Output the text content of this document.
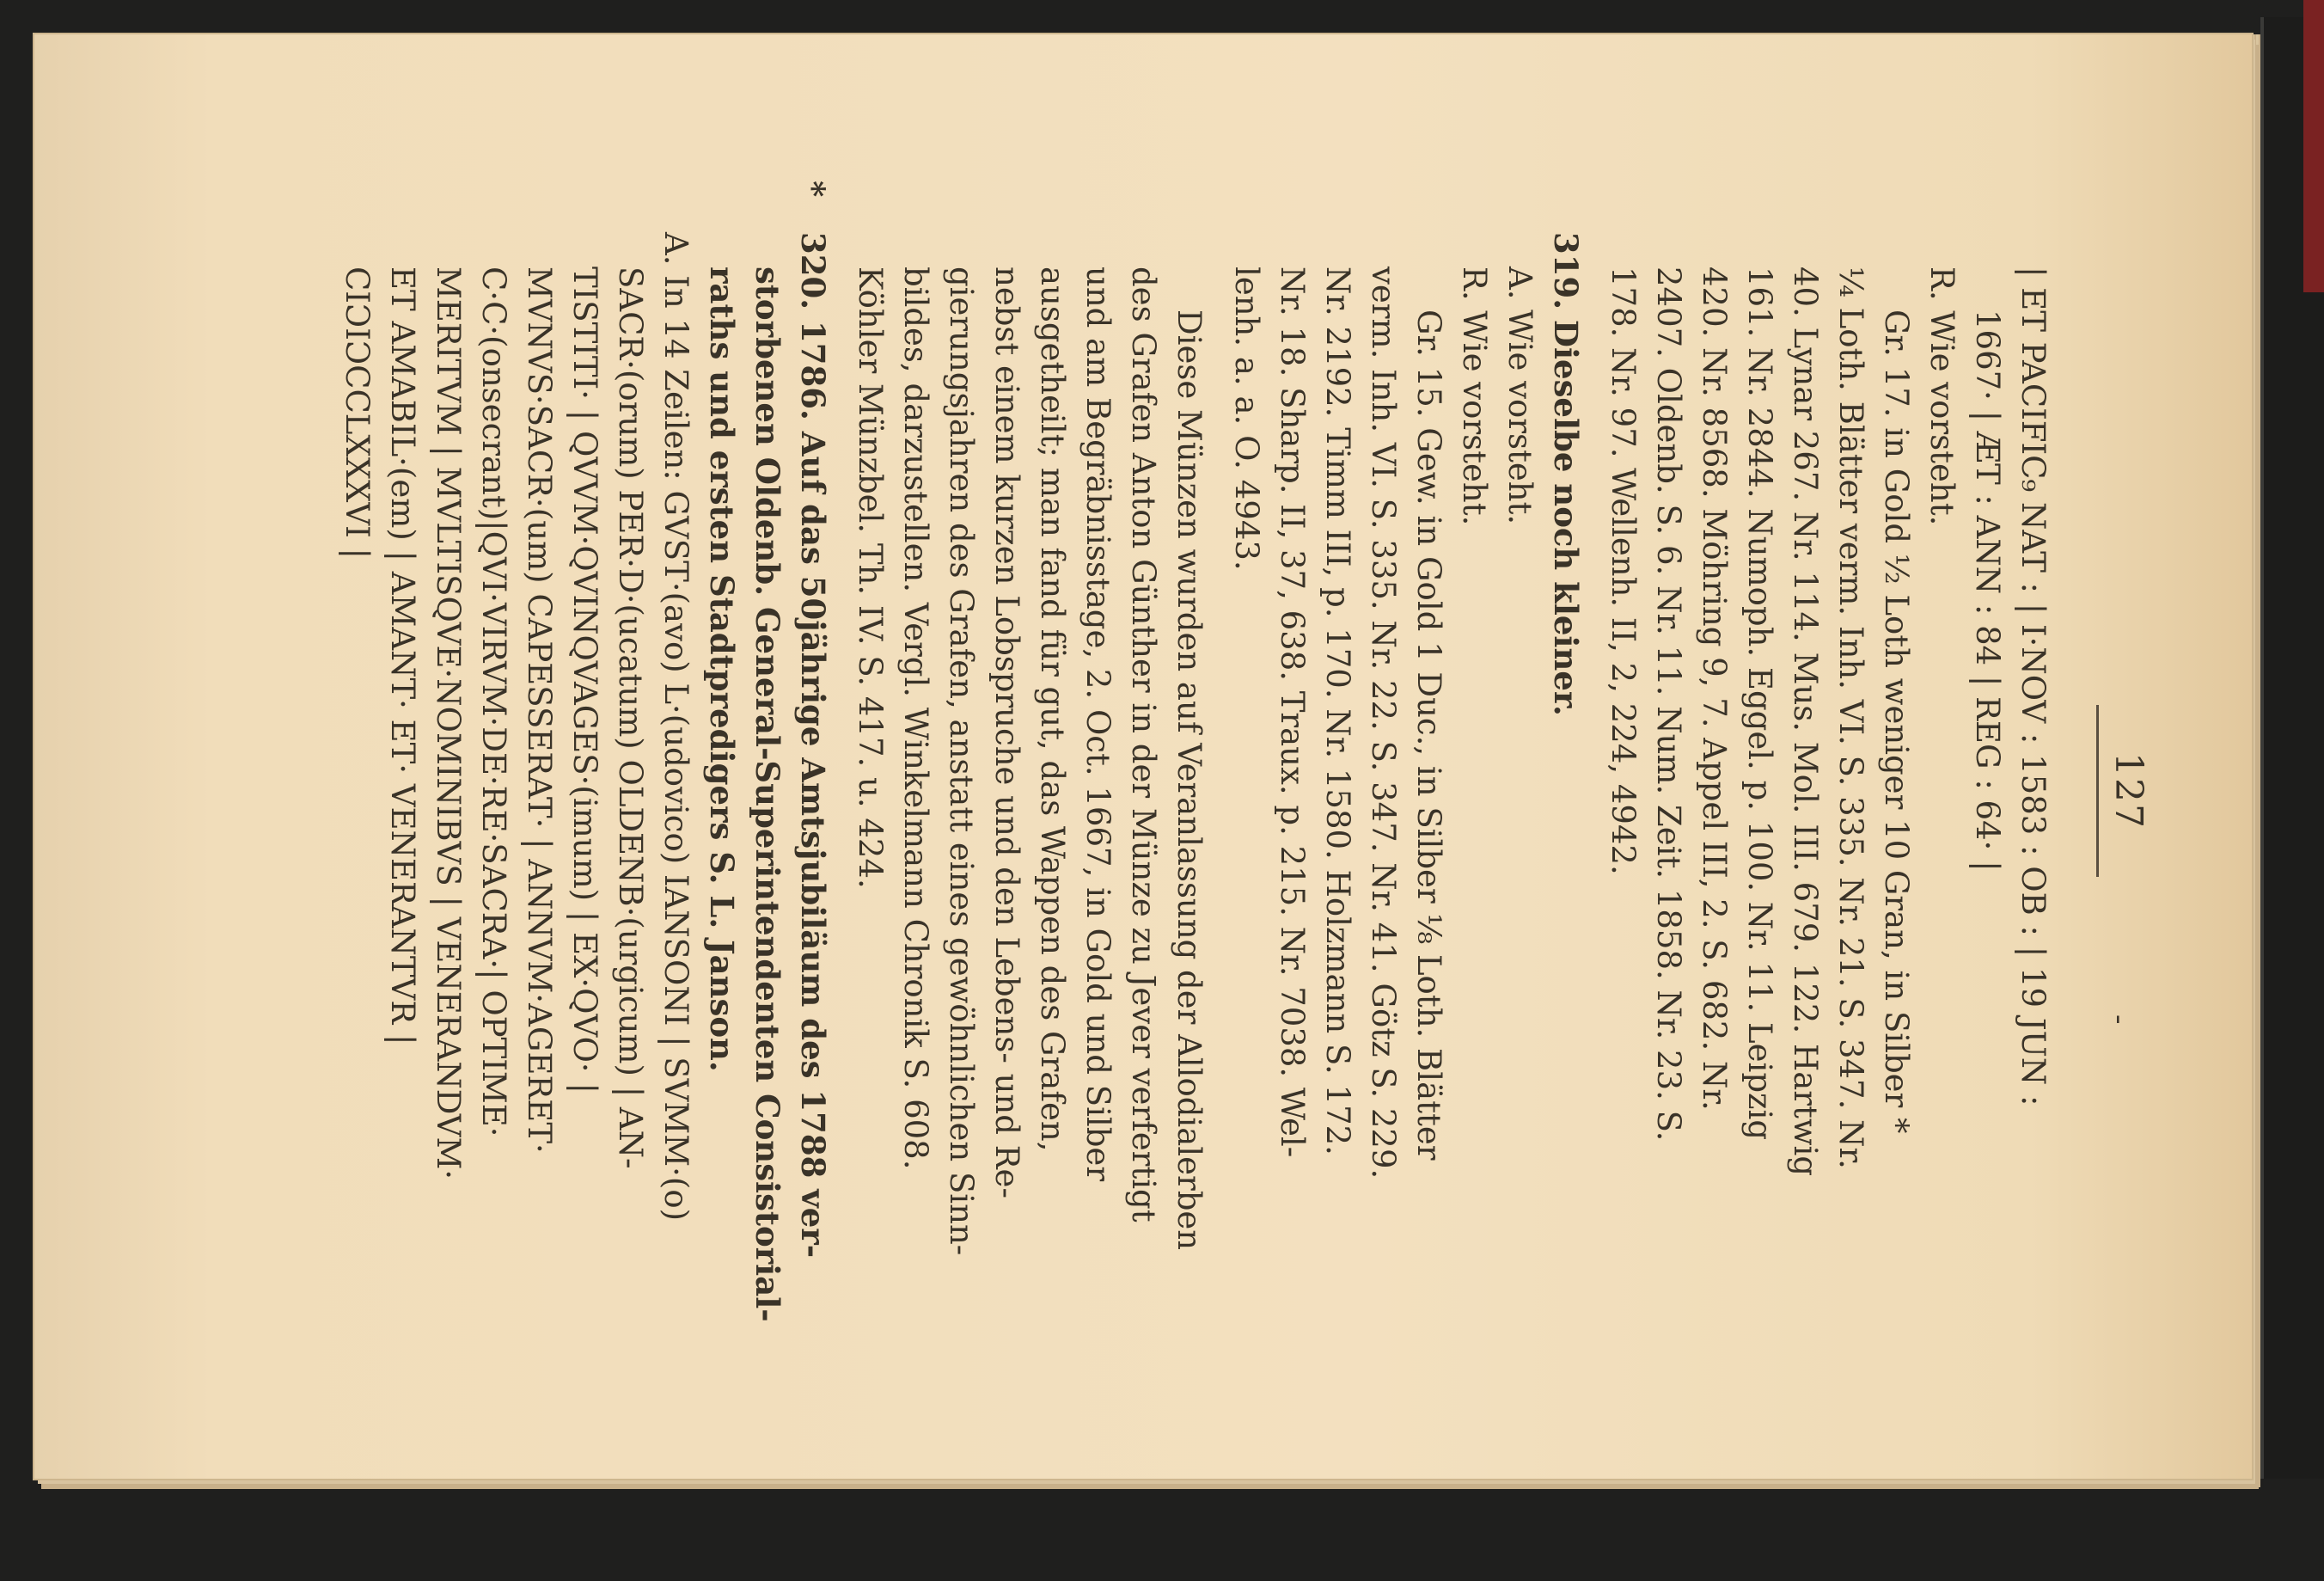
127
-

| ET PACIFIC₉ NAT : | I·NOV : 1583 : OB : | 19 JUN :

1667· | ÆT : ANN : 84 | REG : 64· |

R. Wie vorsteht.

Gr. 17. in Gold ½ Loth weniger 10 Gran, in Silber *

¼ Loth. Blätter verm. Inh. VI. S. 335. Nr. 21. S. 347. Nr.

40. Lynar 267. Nr. 114. Mus. Mol. III. 679. 122. Hartwig

161. Nr. 2844. Numoph. Eggel. p. 100. Nr. 11. Leipzig

420. Nr. 8568. Möhring 9, 7. Appel III, 2. S. 682. Nr.

2407. Oldenb. S. 6. Nr. 11. Num. Zeit. 1858. Nr. 23. S.

178. Nr. 97. Wellenh. II, 2, 224, 4942.

319. Dieselbe noch kleiner.

A. Wie vorsteht.

R. Wie vorsteht.

Gr. 15. Gew. in Gold 1 Duc., in Silber ⅛ Loth. Blätter

verm. Inh. VI. S. 335. Nr. 22. S. 347. Nr. 41. Götz S. 229.

Nr. 2192. Timm III, p. 170. Nr. 1580. Holzmann S. 172.

Nr. 18. Sharp. II, 37, 638. Traux. p. 215. Nr. 7038. Wel-

lenh. a. a. O. 4943.

Diese Münzen wurden auf Veranlassung der Allodialerben

des Grafen Anton Günther in der Münze zu Jever verfertigt

und am Begräbnisstage, 2. Oct. 1667, in Gold und Silber

ausgetheilt; man fand für gut, das Wappen des Grafen,

nebst einem kurzen Lobspruche und den Lebens- und Re-

gierungsjahren des Grafen, anstatt eines gewöhnlichen Sinn-

bildes, darzustellen. Vergl. Winkelmann Chronik S. 608.

Köhler Münzbel. Th. IV. S. 417. u. 424.

*
320. 1786. Auf das 50jährige Amtsjubiläum des 1788 ver-

storbenen Oldenb. General-Superintendenten Consistorial-

raths und ersten Stadtpredigers S. L. Janson.

A. In 14 Zeilen: GVST·(avo) L·(udovico) IANSONI | SVMM·(o)

SACR·(orum) PER·D·(ucatum) OLDENB·(urgicum) | AN-

TISTITI· | QVVM·QVINQVAGES·(imum) | EX·QVO· |

MVNVS·SACR·(um) CAPESSERAT· | ANNVM·AGERET·

C·C·(onsecrant)|QVI·VIRVM·DE·RE·SACRA·| OPTIME·

MERITVM | MVLTISQVE·NOMINIBVS | VENERANDVM·

ET AMABIL·(em) | AMANT· ET· VENERANTVR |

CIƆIƆCCLXXXVI |
